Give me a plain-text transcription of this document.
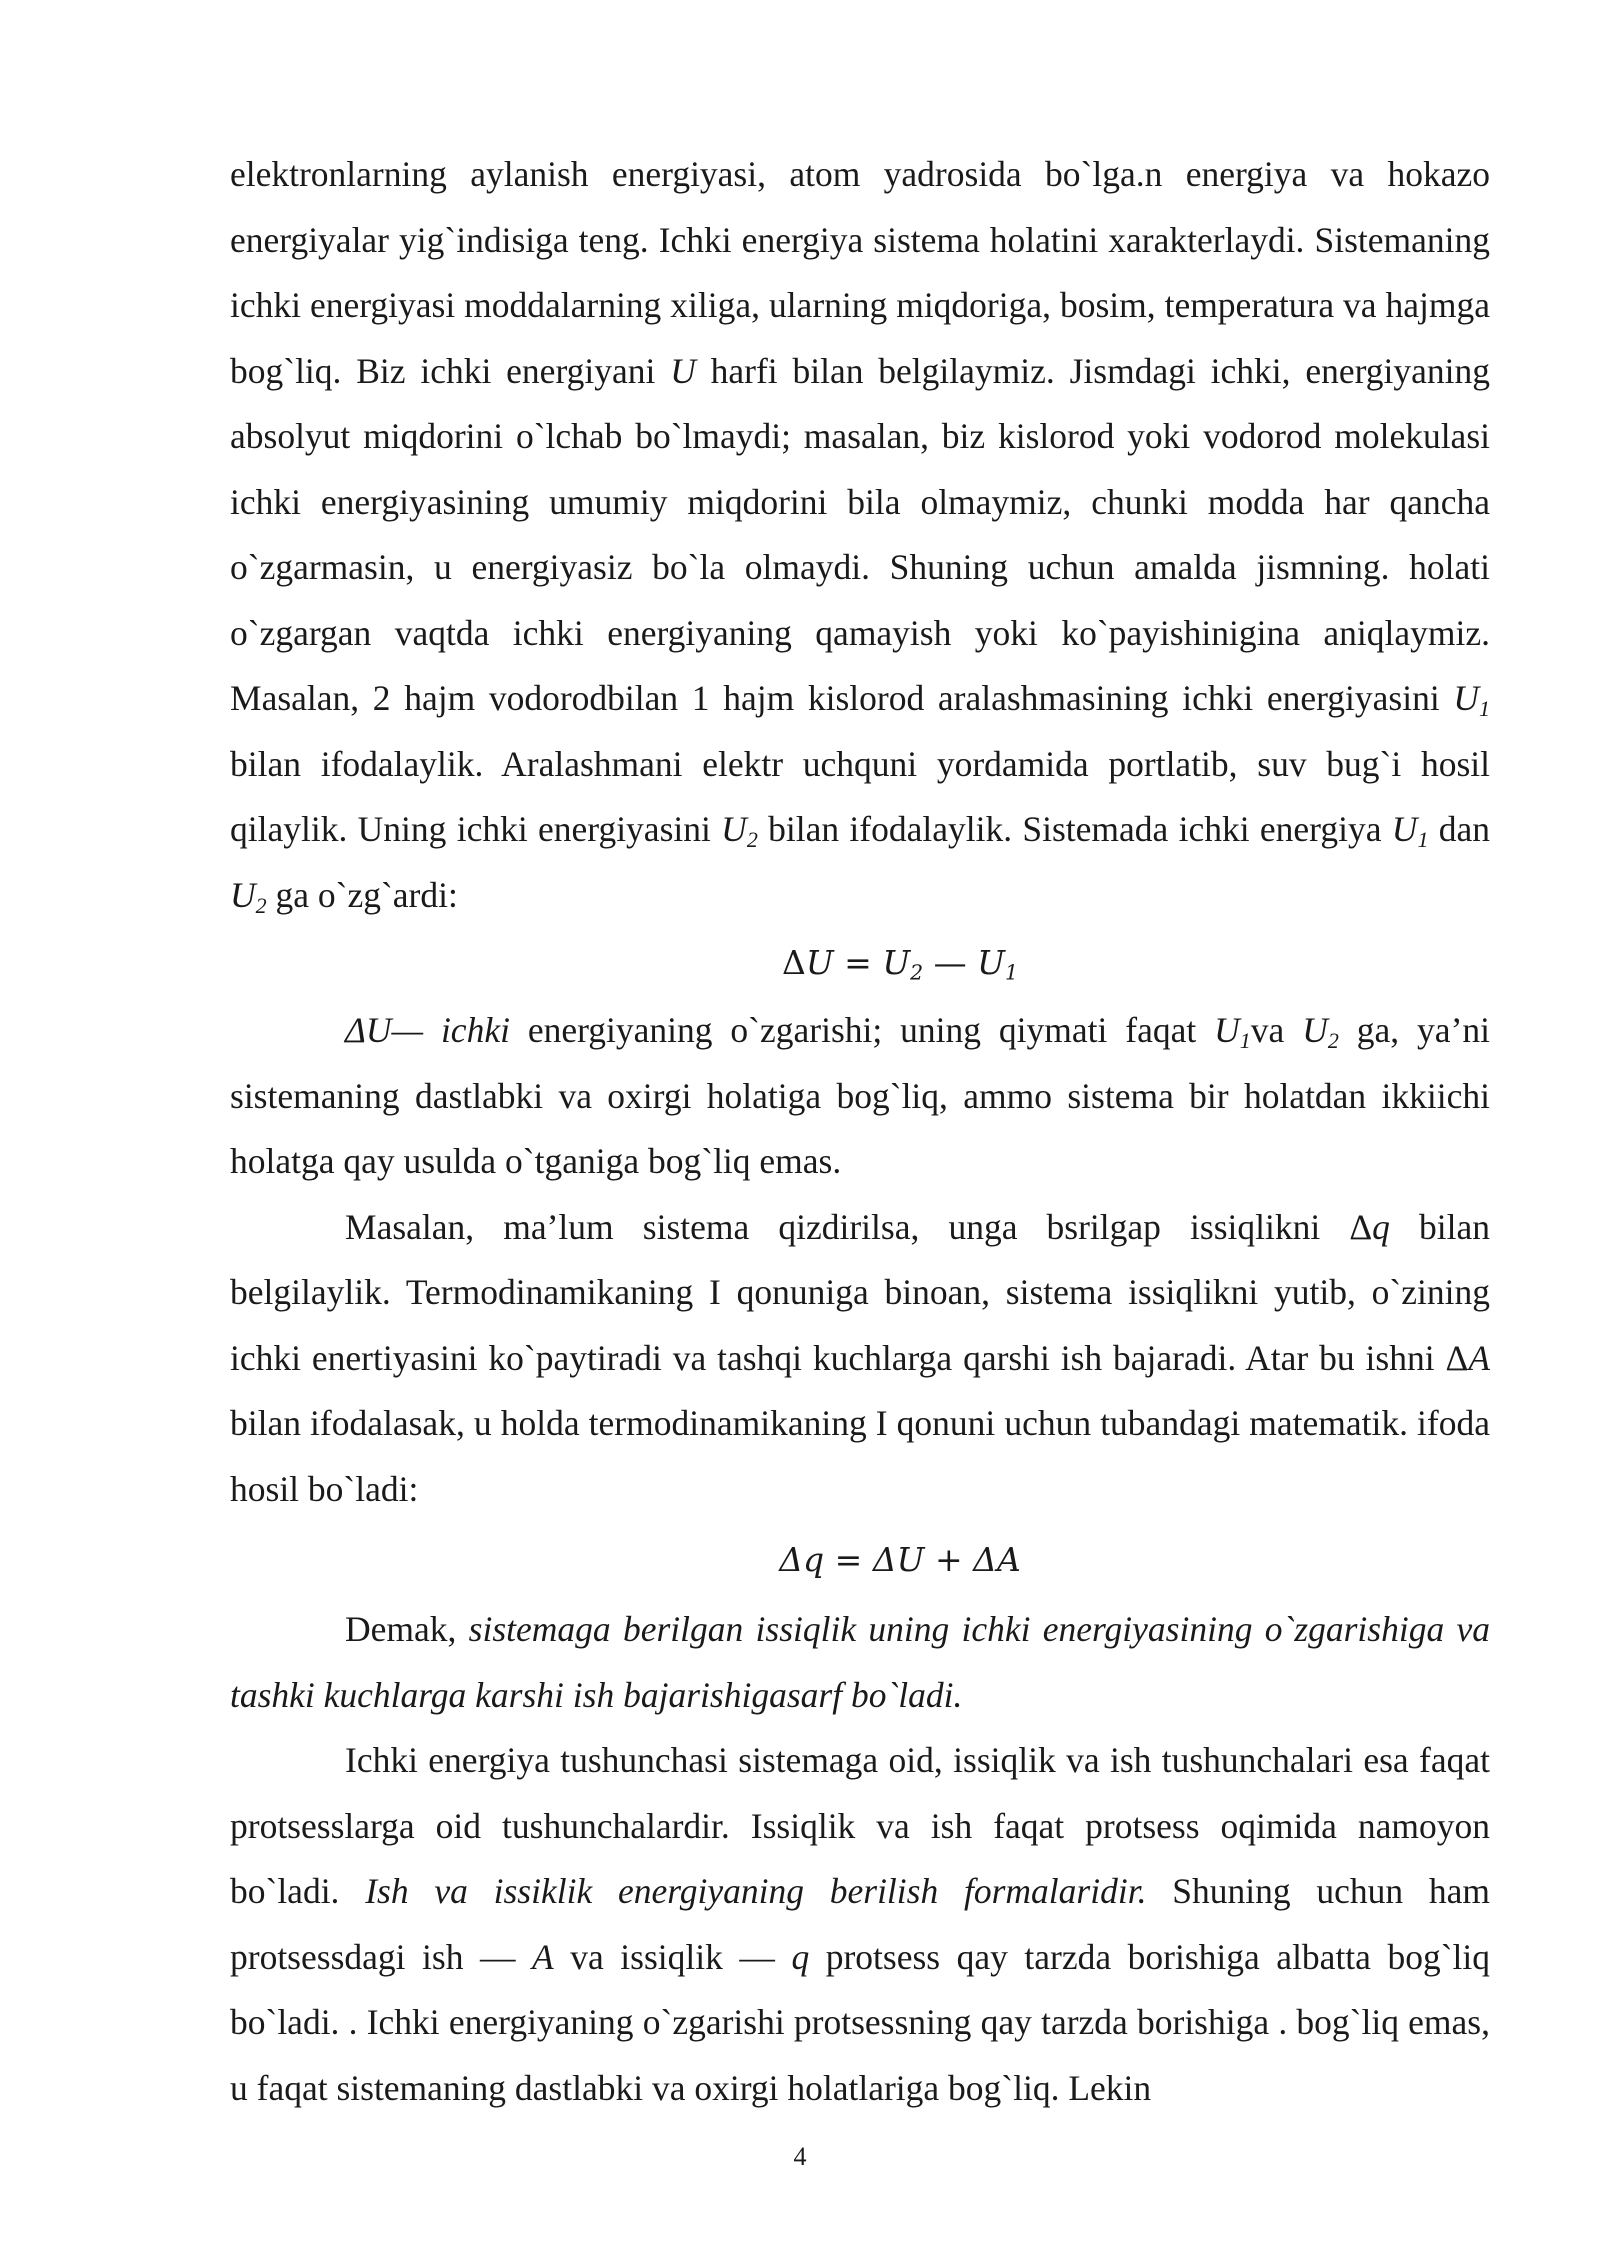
elektronlarning aylanish energiyasi, atom yadrosida bo`lga.n energiya va hokazo energiyalar yig`indisiga teng. Ichki energiya sistema holatini xarakterlaydi. Sistemaning ichki energiyasi moddalarning xiliga, ularning miqdoriga, bosim, temperatura va hajmga bog`liq. Biz ichki energiyani U harfi bilan belgilaymiz. Jismdagi ichki, energiyaning absolyut miqdorini o`lchab bo`lmaydi; masalan, biz kislorod yoki vodorod molekulasi ichki energiyasining umumiy miqdorini bila olmaymiz, chunki modda har qancha o`zgarmasin, u energiyasiz bo`la olmaydi. Shuning uchun amalda jismning. holati o`zgargan vaqtda ichki energiyaning qamayish yoki ko`payishinigina aniqlaymiz. Masalan, 2 hajm vodorodbilan 1 hajm kislorod aralashmasining ichki energiyasini $U_1$ bilan ifodalaylik. Aralashmani elektr uchquni yordamida portlatib, suv bug`i hosil qilaylik. Uning ichki energiyasini $U_2$ bilan ifodalaylik. Sistemada ichki energiya $U_1$ dan $U_2$ ga o`zg`ardi:

$\Delta U = U_2$ — $U_1$

ΔU— ichki energiyaning o`zgarishi; uning qiymati faqat $U_1va$ $U_2$ ga, ya’ni sistemaning dastlabki va oxirgi holatiga bog`liq, ammo sistema bir holatdan ikkiichi holatga qay usulda o`tganiga bog`liq emas.

Masalan, ma’lum sistema qizdirilsa, unga bsrilgap issiqlikni Δq bilan belgilaylik. Termodinamikaning I qonuniga binoan, sistema issiqlikni yutib, o`zining ichki enertiyasini ko`paytiradi va tashqi kuchlarga qarshi ish bajaradi. Atar bu ishni ΔA bilan ifodalasak, u holda termodinamikaning I qonuni uchun tubandagi matematik. ifoda hosil bo`ladi:

Δq = ΔU + ΔA

Demak, sistemaga berilgan issiqlik uning ichki energiyasining o`zgarishiga va tashki kuchlarga karshi ish bajarishigasarf bo`ladi.

Ichki energiya tushunchasi sistemaga oid, issiqlik va ish tushunchalari esa faqat protsesslarga oid tushunchalardir. Issiqlik va ish faqat protsess oqimida namoyon bo`ladi. Ish va issiklik energiyaning berilish formalaridir. Shuning uchun ham protsessdagi ish — A va issiqlik — q protsess qay tarzda borishiga albatta bog`liq bo`ladi. . Ichki energiyaning o`zgarishi protsessning qay tarzda borishiga . bog`liq emas, u faqat sistemaning dastlabki va oxirgi holatlariga bog`liq. Lekin

4
